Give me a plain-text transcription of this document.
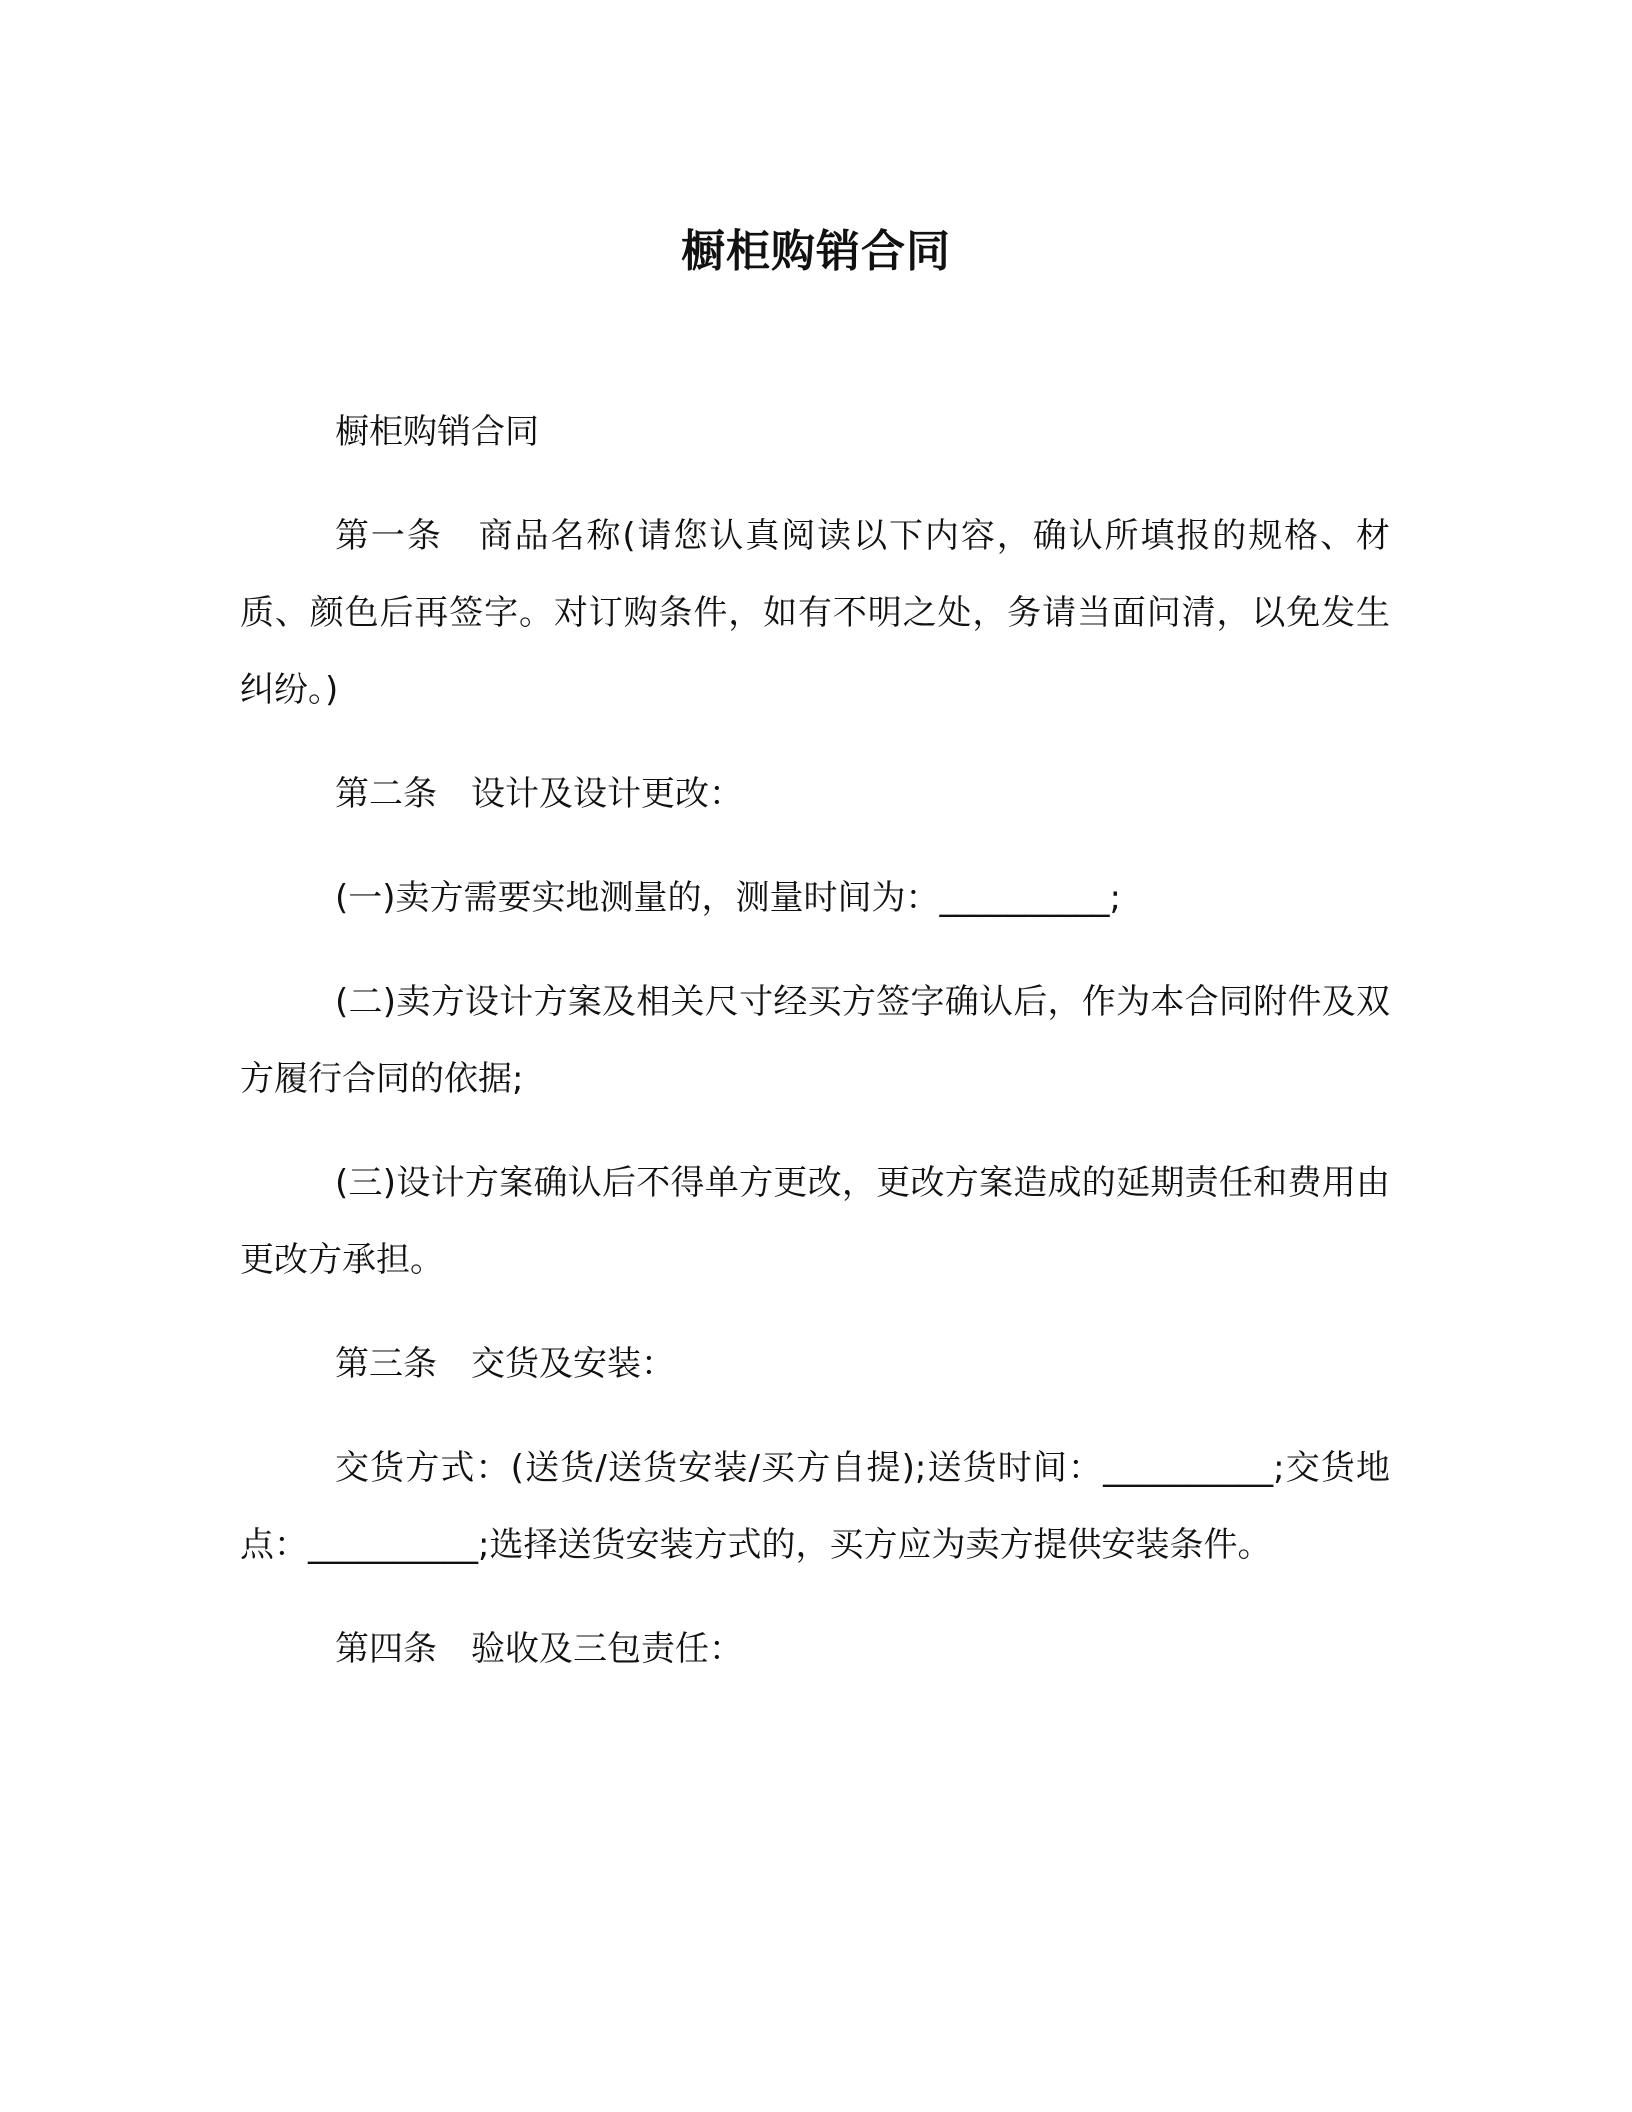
橱柜购销合同

橱柜购销合同

第一条　商品名称(请您认真阅读以下内容，确认所填报的规格、材质、颜色后再签字。对订购条件，如有不明之处，务请当面问清，以免发生纠纷。)

第二条　设计及设计更改：

(一)卖方需要实地测量的，测量时间为：__________;

(二)卖方设计方案及相关尺寸经买方签字确认后，作为本合同附件及双方履行合同的依据;

(三)设计方案确认后不得单方更改，更改方案造成的延期责任和费用由更改方承担。

第三条　交货及安装：

交货方式：(送货/送货安装/买方自提);送货时间：__________;交货地点：__________;选择送货安装方式的，买方应为卖方提供安装条件。

第四条　验收及三包责任：
